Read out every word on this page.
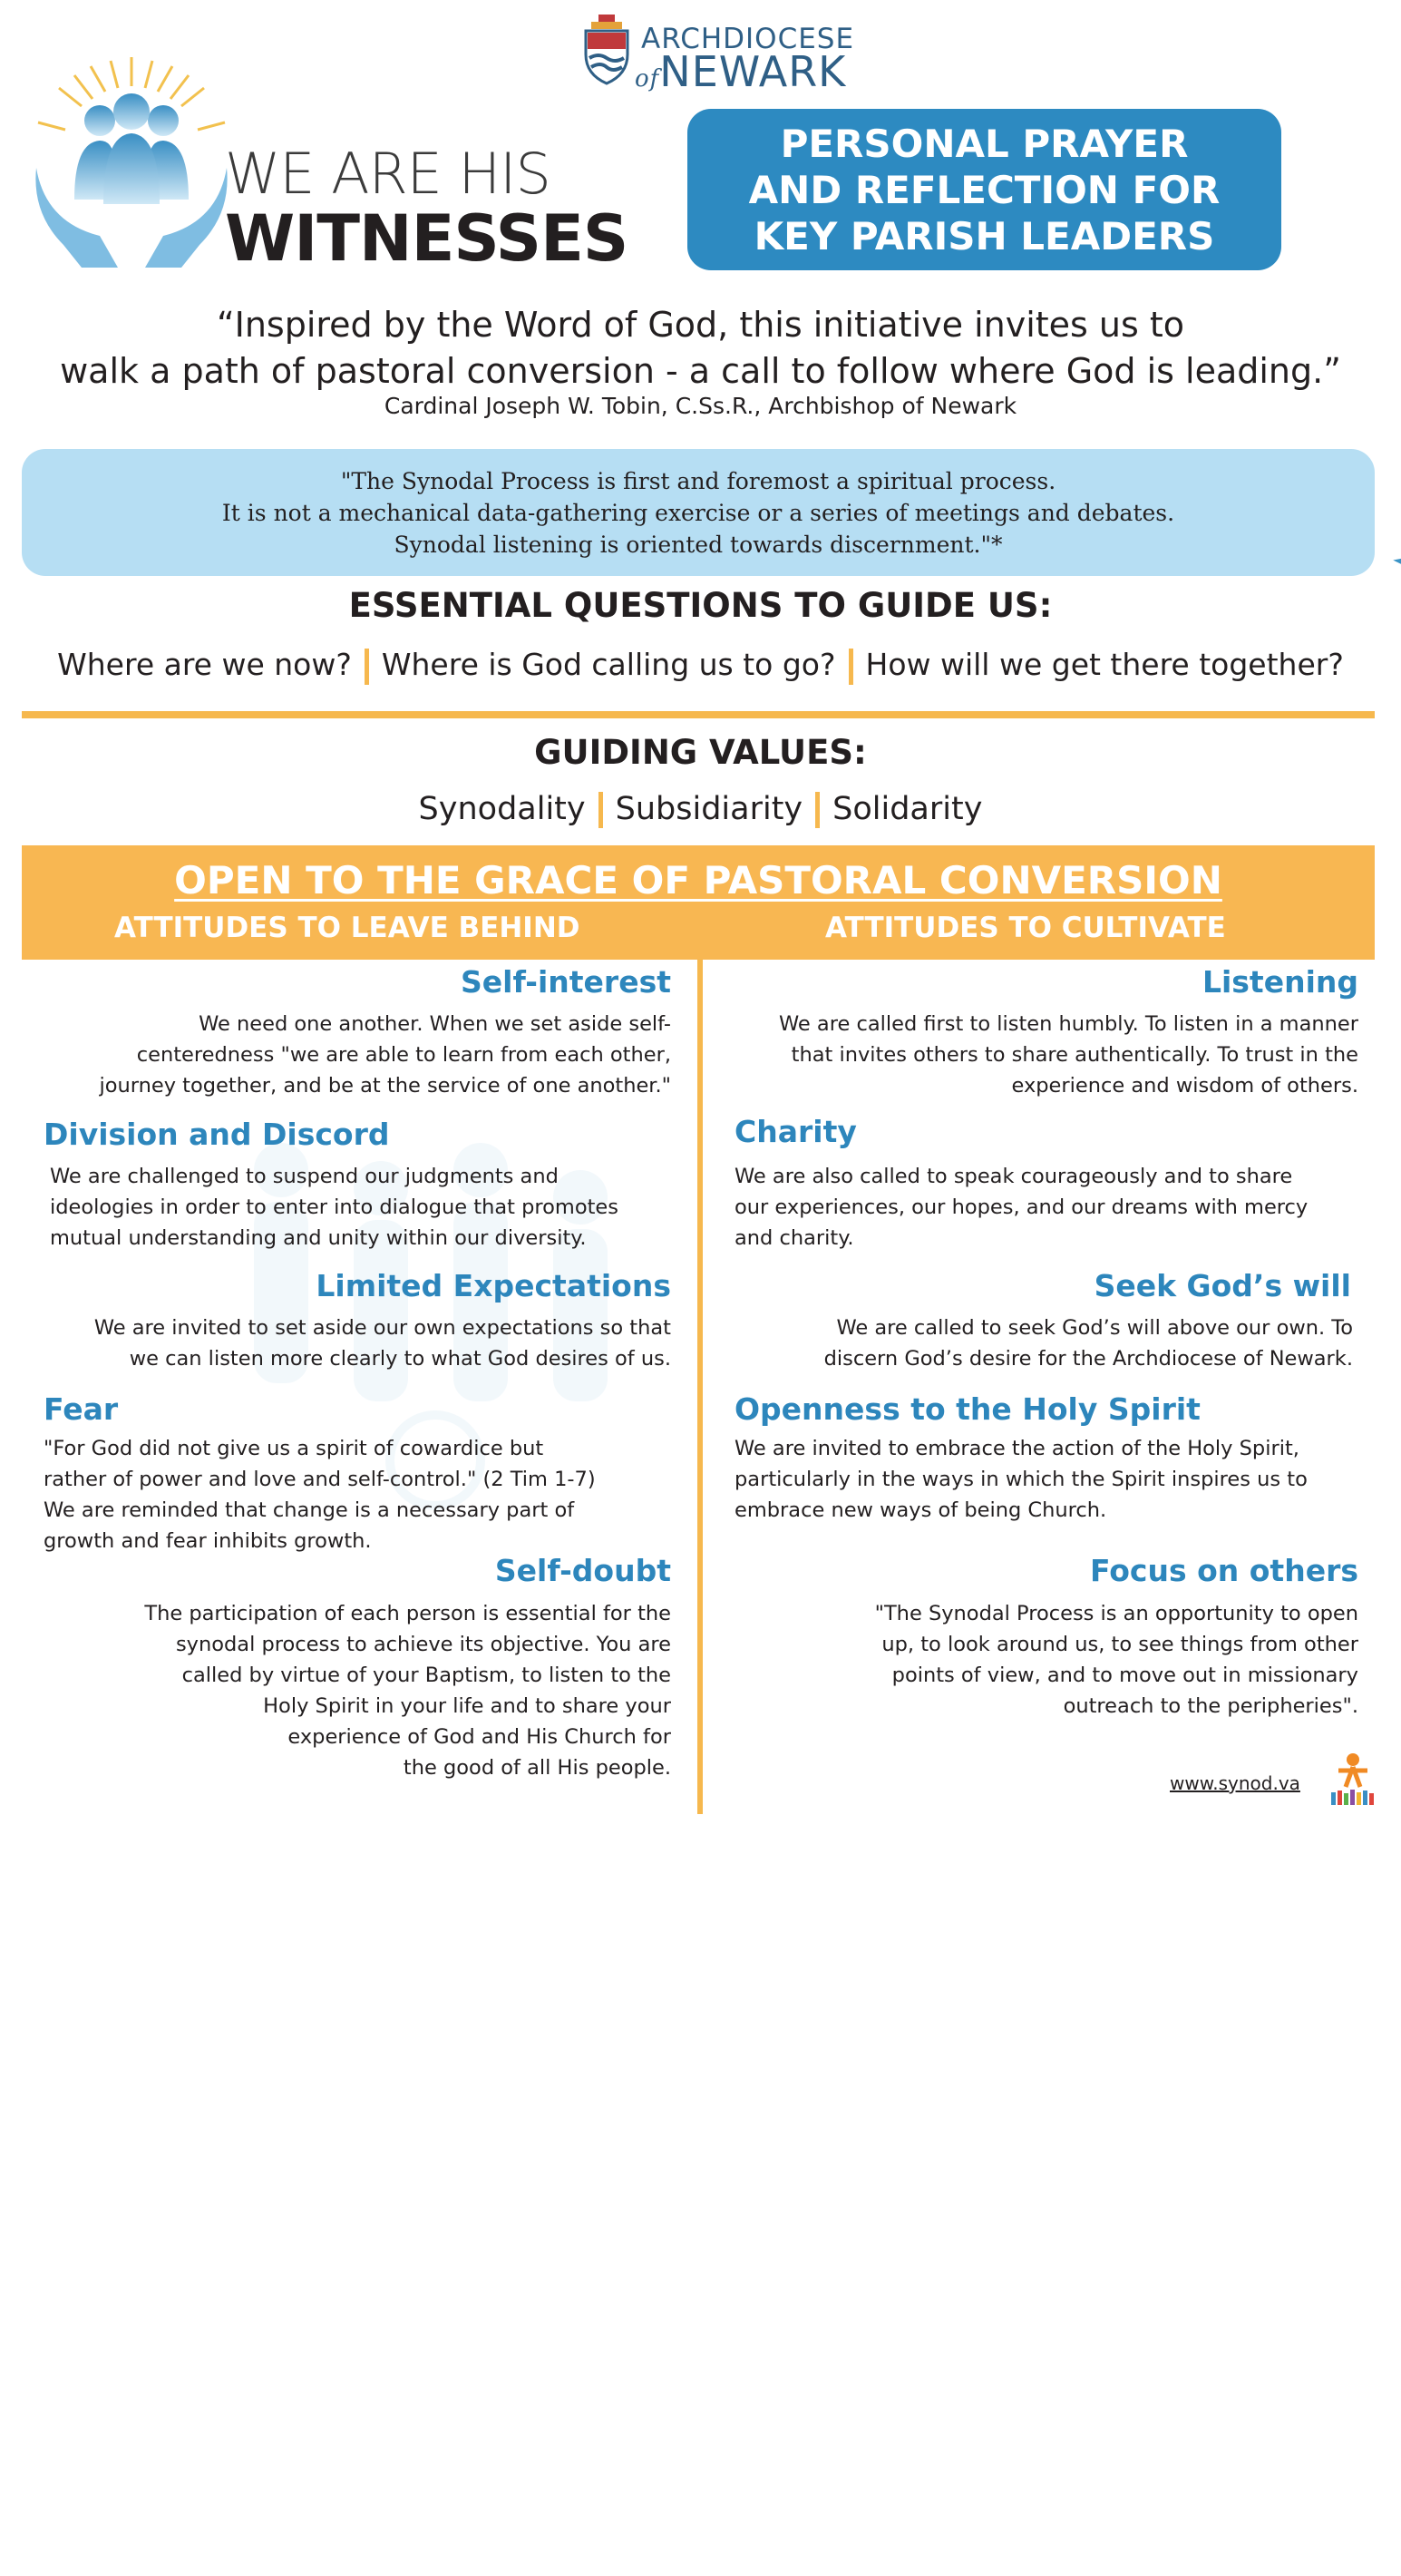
ARCHDIOCESE
ofNEWARK
WE ARE HIS
WITNESSES
PERSONAL PRAYER
AND REFLECTION FOR
KEY PARISH LEADERS
“Inspired by the Word of God, this initiative invites us to
walk a path of pastoral conversion - a call to follow where God is leading.”
Cardinal Joseph W. Tobin, C.Ss.R., Archbishop of Newark
"The Synodal Process is first and foremost a spiritual process.
It is not a mechanical data-gathering exercise or a series of meetings and debates.
Synodal listening is oriented towards discernment."*
ESSENTIAL QUESTIONS TO GUIDE US:
Where are we now? Where is God calling us to go? How will we get there together?
GUIDING VALUES:
Synodality Subsidiarity Solidarity
OPEN TO THE GRACE OF PASTORAL CONVERSION
ATTITUDES TO LEAVE BEHIND	ATTITUDES TO CULTIVATE
Self-interest
We need one another. When we set aside self-
centeredness "we are able to learn from each other,
journey together, and be at the service of one another."
Division and Discord
We are challenged to suspend our judgments and
ideologies in order to enter into dialogue that promotes
mutual understanding and unity within our diversity.
Limited Expectations
We are invited to set aside our own expectations so that
we can listen more clearly to what God desires of us.
Fear
"For God did not give us a spirit of cowardice but
rather of power and love and self-control." (2 Tim 1-7)
We are reminded that change is a necessary part of
growth and fear inhibits growth.
Self-doubt
The participation of each person is essential for the
synodal process to achieve its objective. You are
called by virtue of your Baptism, to listen to the
Holy Spirit in your life and to share your
experience of God and His Church for
the good of all His people.
Listening
We are called first to listen humbly. To listen in a manner
that invites others to share authentically. To trust in the
experience and wisdom of others.
Charity
We are also called to speak courageously and to share
our experiences, our hopes, and our dreams with mercy
and charity.
Seek God’s will
We are called to seek God’s will above our own. To
discern God’s desire for the Archdiocese of Newark.
Openness to the Holy Spirit
We are invited to embrace the action of the Holy Spirit,
particularly in the ways in which the Spirit inspires us to
embrace new ways of being Church.
Focus on others
"The Synodal Process is an opportunity to open
up, to look around us, to see things from other
points of view, and to move out in missionary
outreach to the peripheries".
www.synod.va
